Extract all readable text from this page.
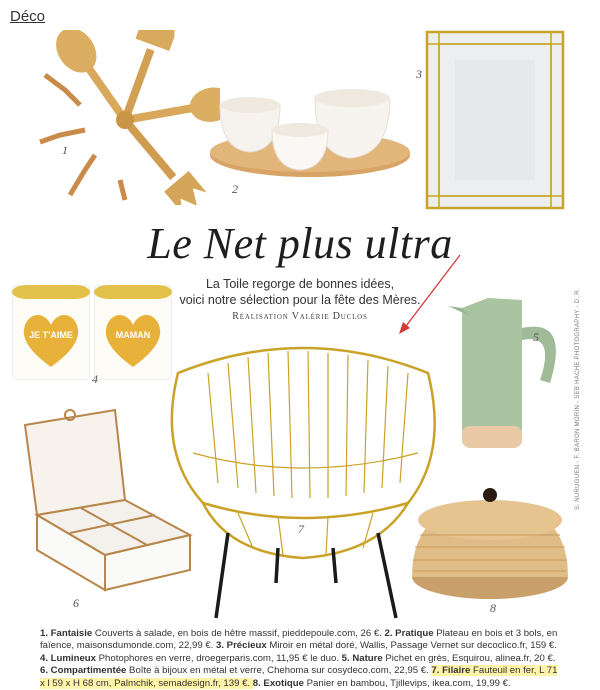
Déco
1
2
3
Le Net plus ultra
La Toile regorge de bonnes idées,
voici notre sélection pour la fête des Mères.
Réalisation Valérie Duclos
JE T'AIME	MAMAN
4
5
7
6	8
S. NURUGUEN - F. BARON MORIN - SEB HACHE PHOTOGRAPHY - D. R.
1. Fantaisie Couverts à salade, en bois de hêtre massif, pieddepoule.com, 26 €. 2. Pratique Plateau en bois et 3 bols, en faïence, maisonsdumonde.com, 22,99 €. 3. Précieux Miroir en métal doré, Wallis, Passage Vernet sur decoclico.fr, 159 €. 4. Lumineux Photophores en verre, droegerparis.com, 11,95 € le duo. 5. Nature Pichet en grès, Esquirou, alinea.fr, 20 €. 6. Compartimentée Boîte à bijoux en métal et verre, Chehoma sur cosydeco.com, 22,95 €. 7. Filaire Fauteuil en fer, L 71 x l 59 x H 68 cm, Palmchik, semadesign.fr, 139 €. 8. Exotique Panier en bambou, Tjillevips, ikea.com, 19,99 €.
